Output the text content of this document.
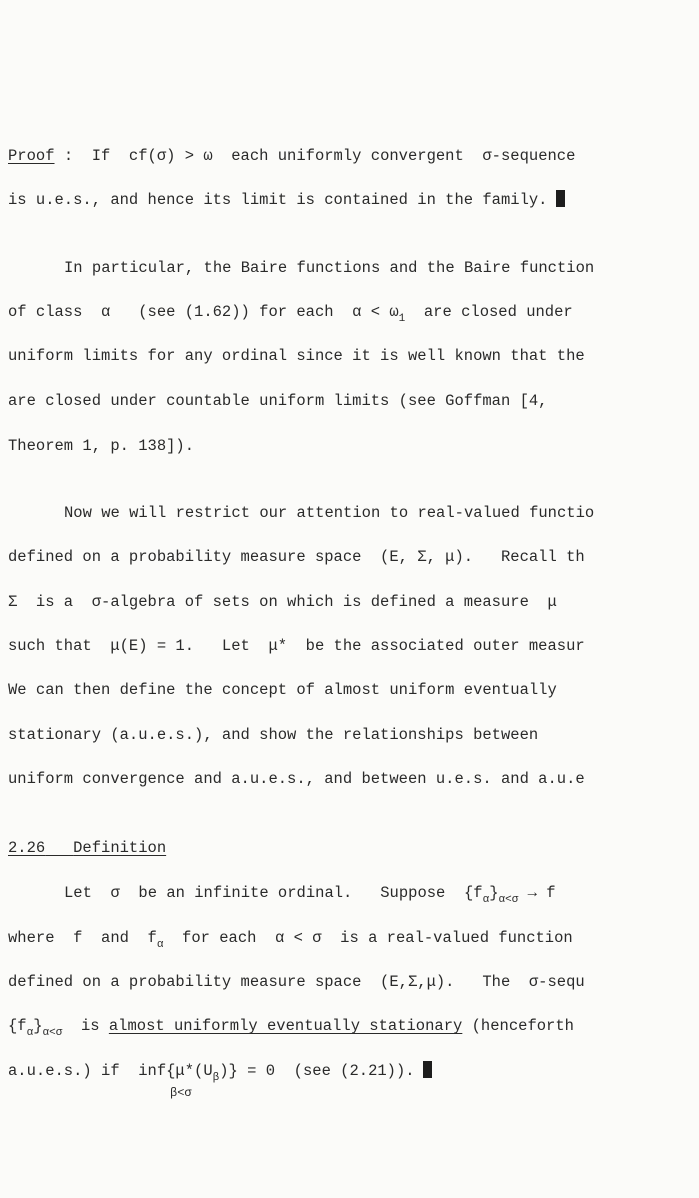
Proof :  If  cf(σ) > ω  each uniformly convergent  σ-sequence
is u.e.s., and hence its limit is contained in the family.
In particular, the Baire functions and the Baire function
of class  α   (see (1.62)) for each  $\alpha < \omega_1$  are closed under
uniform limits for any ordinal since it is well known that the
are closed under countable uniform limits (see Goffman [4,
Theorem 1, p. 138]).
Now we will restrict our attention to real-valued functio
defined on a probability measure space  (E, Σ, μ).   Recall th
Σ  is a  σ-algebra of sets on which is defined a measure  μ
such that  μ(E) = 1.   Let  μ*  be the associated outer measur
We can then define the concept of almost uniform eventually
stationary (a.u.e.s.), and show the relationships between
uniform convergence and a.u.e.s., and between u.e.s. and a.u.e
2.26 Definition
Let  σ  be an infinite ordinal.   Suppose  $\{f_\alpha\}_{\alpha<\sigma} \to f$
where  f  and  $f_\alpha$  for each  α < σ  is a real-valued function
defined on a probability measure space  (E,Σ,μ).   The  σ-sequ
$\{f_\alpha\}_{\alpha<\sigma}$  is almost uniformly eventually stationary (henceforth
a.u.e.s.) if  $inf\{\mu*(U_\beta)\} = 0$  (see (2.21)).
β<σ
